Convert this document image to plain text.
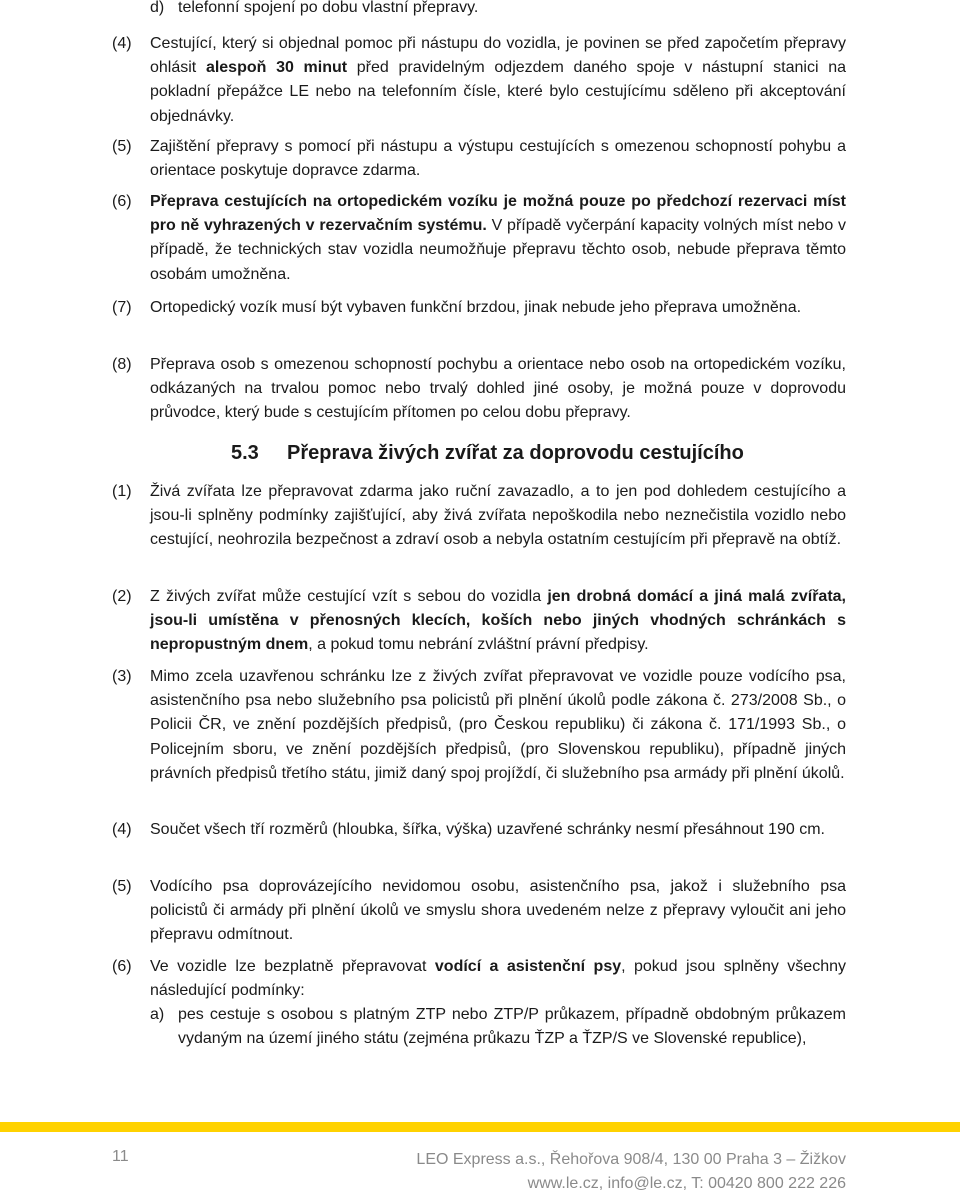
d) telefonní spojení po dobu vlastní přepravy.
(4)	Cestující, který si objednal pomoc při nástupu do vozidla, je povinen se před započetím přepravy ohlásit alespoň 30 minut před pravidelným odjezdem daného spoje v nástupní stanici na pokladní přepážce LE nebo na telefonním čísle, které bylo cestujícímu sděleno při akceptování objednávky.
(5)	Zajištění přepravy s pomocí při nástupu a výstupu cestujících s omezenou schopností pohybu a orientace poskytuje dopravce zdarma.
(6)	Přeprava cestujících na ortopedickém vozíku je možná pouze po předchozí rezervaci míst pro ně vyhrazených v rezervačním systému. V případě vyčerpání kapacity volných míst nebo v případě, že technických stav vozidla neumožňuje přepravu těchto osob, nebude přeprava těmto osobám umožněna.
(7)	Ortopedický vozík musí být vybaven funkční brzdou, jinak nebude jeho přeprava umožněna.
(8)	Přeprava osob s omezenou schopností pochybu a orientace nebo osob na ortopedickém vozíku, odkázaných na trvalou pomoc nebo trvalý dohled jiné osoby, je možná pouze v doprovodu průvodce, který bude s cestujícím přítomen po celou dobu přepravy.
5.3 Přeprava živých zvířat za doprovodu cestujícího
(1)	Živá zvířata lze přepravovat zdarma jako ruční zavazadlo, a to jen pod dohledem cestujícího a jsou-li splněny podmínky zajišťující, aby živá zvířata nepoškodila nebo neznečistila vozidlo nebo cestující, neohrozila bezpečnost a zdraví osob a nebyla ostatním cestujícím při přepravě na obtíž.
(2)	Z živých zvířat může cestující vzít s sebou do vozidla jen drobná domácí a jiná malá zvířata, jsou-li umístěna v přenosných klecích, koších nebo jiných vhodných schránkách s nepropustným dnem, a pokud tomu nebrání zvláštní právní předpisy.
(3)	Mimo zcela uzavřenou schránku lze z živých zvířat přepravovat ve vozidle pouze vodícího psa, asistenčního psa nebo služebního psa policistů při plnění úkolů podle zákona č. 273/2008 Sb., o Policii ČR, ve znění pozdějších předpisů, (pro Českou republiku) či zákona č. 171/1993 Sb., o Policejním sboru, ve znění pozdějších předpisů, (pro Slovenskou republiku), případně jiných právních předpisů třetího státu, jimiž daný spoj projíždí, či služebního psa armády při plnění úkolů.
(4)	Součet všech tří rozměrů (hloubka, šířka, výška) uzavřené schránky nesmí přesáhnout 190 cm.
(5)	Vodícího psa doprovázejícího nevidomou osobu, asistenčního psa, jakož i služebního psa policistů či armády při plnění úkolů ve smyslu shora uvedeném nelze z přepravy vyloučit ani jeho přepravu odmítnout.
(6)	Ve vozidle lze bezplatně přepravovat vodící a asistenční psy, pokud jsou splněny všechny následující podmínky:
a) pes cestuje s osobou s platným ZTP nebo ZTP/P průkazem, případně obdobným průkazem vydaným na území jiného státu (zejména průkazu ŤZP a ŤZP/S ve Slovenské republice),
11	LEO Express a.s., Řehořova 908/4, 130 00 Praha 3 – Žižkov
www.le.cz, info@le.cz, T: 00420 800 222 226
